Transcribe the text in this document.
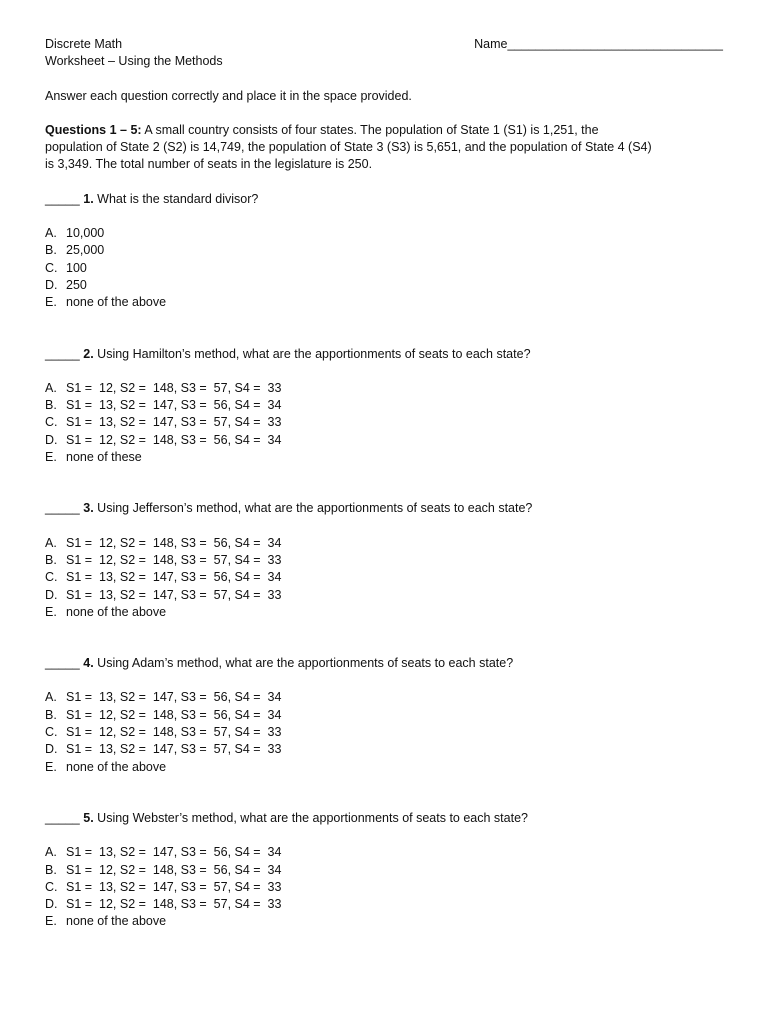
Discrete Math	Name_______________________________

Worksheet – Using the Methods

Answer each question correctly and place it in the space provided.

Questions 1 – 5: A small country consists of four states. The population of State 1 (S1) is 1,251, the

population of State 2 (S2) is 14,749, the population of State 3 (S3) is 5,651, and the population of State 4 (S4)

is 3,349. The total number of seats in the legislature is 250.

_____ 1. What is the standard divisor?

A. 10,000

B. 25,000

C. 100

D. 250

E. none of the above

_____ 2. Using Hamilton’s method, what are the apportionments of seats to each state?

A. S1 =  12, S2 =  148, S3 =  57, S4 =  33

B. S1 =  13, S2 =  147, S3 =  56, S4 =  34

C. S1 =  13, S2 =  147, S3 =  57, S4 =  33

D. S1 =  12, S2 =  148, S3 =  56, S4 =  34

E. none of these

_____ 3. Using Jefferson’s method, what are the apportionments of seats to each state?

A. S1 =  12, S2 =  148, S3 =  56, S4 =  34

B. S1 =  12, S2 =  148, S3 =  57, S4 =  33

C. S1 =  13, S2 =  147, S3 =  56, S4 =  34

D. S1 =  13, S2 =  147, S3 =  57, S4 =  33

E. none of the above

_____ 4. Using Adam’s method, what are the apportionments of seats to each state?

A. S1 =  13, S2 =  147, S3 =  56, S4 =  34

B. S1 =  12, S2 =  148, S3 =  56, S4 =  34

C. S1 =  12, S2 =  148, S3 =  57, S4 =  33

D. S1 =  13, S2 =  147, S3 =  57, S4 =  33

E. none of the above

_____ 5. Using Webster’s method, what are the apportionments of seats to each state?

A. S1 =  13, S2 =  147, S3 =  56, S4 =  34

B. S1 =  12, S2 =  148, S3 =  56, S4 =  34

C. S1 =  13, S2 =  147, S3 =  57, S4 =  33

D. S1 =  12, S2 =  148, S3 =  57, S4 =  33

E. none of the above
